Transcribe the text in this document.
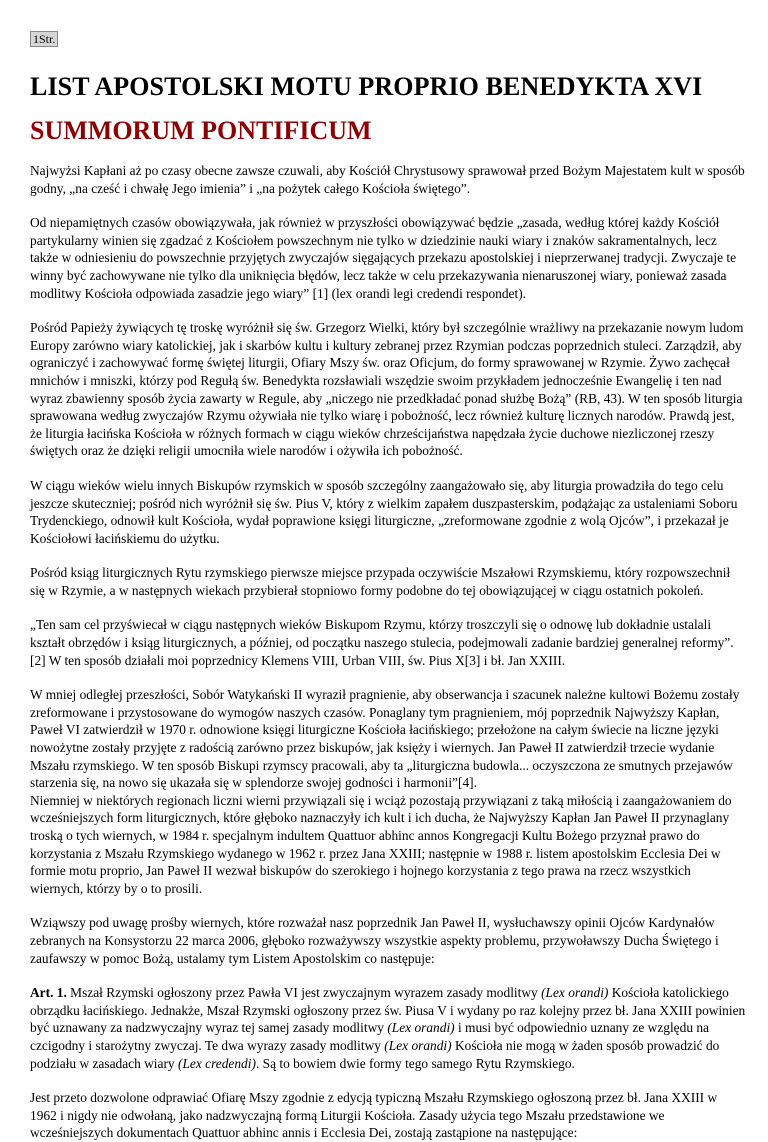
1Str.
LIST APOSTOLSKI MOTU PROPRIO BENEDYKTA XVI
SUMMORUM PONTIFICUM

Najwyżsi Kapłani aż po czasy obecne zawsze czuwali, aby Kościół Chrystusowy sprawował przed Bożym Majestatem kult w sposób godny, „na cześć i chwałę Jego imienia” i „na pożytek całego Kościoła świętego”.

Od niepamiętnych czasów obowiązywała, jak również w przyszłości obowiązywać będzie „zasada, według której każdy Kościół partykularny winien się zgadzać z Kościołem powszechnym nie tylko w dziedzinie nauki wiary i znaków sakramentalnych, lecz także w odniesieniu do powszechnie przyjętych zwyczajów sięgających przekazu apostolskiej i nieprzerwanej tradycji. Zwyczaje te winny być zachowywane nie tylko dla uniknięcia błędów, lecz także w celu przekazywania nienaruszonej wiary, ponieważ zasada modlitwy Kościoła odpowiada zasadzie jego wiary” [1] (lex orandi legi credendi respondet).

Pośród Papieży żywiących tę troskę wyróżnił się św. Grzegorz Wielki, który był szczególnie wrażliwy na przekazanie nowym ludom Europy zarówno wiary katolickiej, jak i skarbów kultu i kultury zebranej przez Rzymian podczas poprzednich stuleci. Zarządził, aby ograniczyć i zachowywać formę świętej liturgii, Ofiary Mszy św. oraz Oficjum, do formy sprawowanej w Rzymie. Żywo zachęcał mnichów i mniszki, którzy pod Regułą św. Benedykta rozsławiali wszędzie swoim przykładem jednocześnie Ewangelię i ten nad wyraz zbawienny sposób życia zawarty w Regule, aby „niczego nie przedkładać ponad służbę Bożą” (RB, 43). W ten sposób liturgia sprawowana według zwyczajów Rzymu ożywiała nie tylko wiarę i pobożność, lecz również kulturę licznych narodów. Prawdą jest, że liturgia łacińska Kościoła w różnych formach w ciągu wieków chrześcijaństwa napędzała życie duchowe niezliczonej rzeszy świętych oraz że dzięki religii umocniła wiele narodów i ożywiła ich pobożność.

W ciągu wieków wielu innych Biskupów rzymskich w sposób szczególny zaangażowało się, aby liturgia prowadziła do tego celu jeszcze skuteczniej; pośród nich wyróżnił się św. Pius V, który z wielkim zapałem duszpasterskim, podążając za ustaleniami Soboru Trydenckiego, odnowił kult Kościoła, wydał poprawione księgi liturgiczne, „zreformowane zgodnie z wolą Ojców”, i przekazał je Kościołowi łacińskiemu do użytku.

Pośród ksiąg liturgicznych Rytu rzymskiego pierwsze miejsce przypada oczywiście Mszałowi Rzymskiemu, który rozpowszechnił się w Rzymie, a w następnych wiekach przybierał stopniowo formy podobne do tej obowiązującej w ciągu ostatnich pokoleń.

„Ten sam cel przyświecał w ciągu następnych wieków Biskupom Rzymu, którzy troszczyli się o odnowę lub dokładnie ustalali kształt obrzędów i ksiąg liturgicznych, a później, od początku naszego stulecia, podejmowali zadanie bardziej generalnej reformy”.[2] W ten sposób działali moi poprzednicy Klemens VIII, Urban VIII, św. Pius X[3] i bł. Jan XXIII.

W mniej odległej przeszłości, Sobór Watykański II wyraził pragnienie, aby obserwancja i szacunek należne kultowi Bożemu zostały zreformowane i przystosowane do wymogów naszych czasów. Ponaglany tym pragnieniem, mój poprzednik Najwyższy Kapłan, Paweł VI zatwierdził w 1970 r. odnowione księgi liturgiczne Kościoła łacińskiego; przełożone na całym świecie na liczne języki nowożytne zostały przyjęte z radością zarówno przez biskupów, jak księży i wiernych. Jan Paweł II zatwierdził trzecie wydanie Mszału rzymskiego. W ten sposób Biskupi rzymscy pracowali, aby ta „liturgiczna budowla... oczyszczona ze smutnych przejawów starzenia się, na nowo się ukazała się w splendorze swojej godności i harmonii”[4].

Niemniej w niektórych regionach liczni wierni przywiązali się i wciąż pozostają przywiązani z taką miłością i zaangażowaniem do wcześniejszych form liturgicznych, które głęboko naznaczyły ich kult i ich ducha, że Najwyższy Kapłan Jan Paweł II przynaglany troską o tych wiernych, w 1984 r. specjalnym indultem Quattuor abhinc annos Kongregacji Kultu Bożego przyznał prawo do korzystania z Mszału Rzymskiego wydanego w 1962 r. przez Jana XXIII; następnie w 1988 r. listem apostolskim Ecclesia Dei w formie motu proprio, Jan Paweł II wezwał biskupów do szerokiego i hojnego korzystania z tego prawa na rzecz wszystkich wiernych, którzy by o to prosili.

Wziąwszy pod uwagę prośby wiernych, które rozważał nasz poprzednik Jan Paweł II, wysłuchawszy opinii Ojców Kardynałów zebranych na Konsystorzu 22 marca 2006, głęboko rozważywszy wszystkie aspekty problemu, przywoławszy Ducha Świętego i zaufawszy w pomoc Bożą, ustalamy tym Listem Apostolskim co następuje:

Art. 1. Mszał Rzymski ogłoszony przez Pawła VI jest zwyczajnym wyrazem zasady modlitwy (Lex orandi) Kościoła katolickiego obrządku łacińskiego. Jednakże, Mszał Rzymski ogłoszony przez św. Piusa V i wydany po raz kolejny przez bł. Jana XXIII powinien być uznawany za nadzwyczajny wyraz tej samej zasady modlitwy (Lex orandi) i musi być odpowiednio uznany ze względu na czcigodny i starożytny zwyczaj. Te dwa wyrazy zasady modlitwy (Lex orandi) Kościoła nie mogą w żaden sposób prowadzić do podziału w zasadach wiary (Lex credendi). Są to bowiem dwie formy tego samego Rytu Rzymskiego.

Jest przeto dozwolone odprawiać Ofiarę Mszy zgodnie z edycją typiczną Mszału Rzymskiego ogłoszoną przez bł. Jana XXIII w 1962 i nigdy nie odwołaną, jako nadzwyczajną formą Liturgii Kościoła. Zasady użycia tego Mszału przedstawione we wcześniejszych dokumentach Quattuor abhinc annis i Ecclesia Dei, zostają zastąpione na następujące:
